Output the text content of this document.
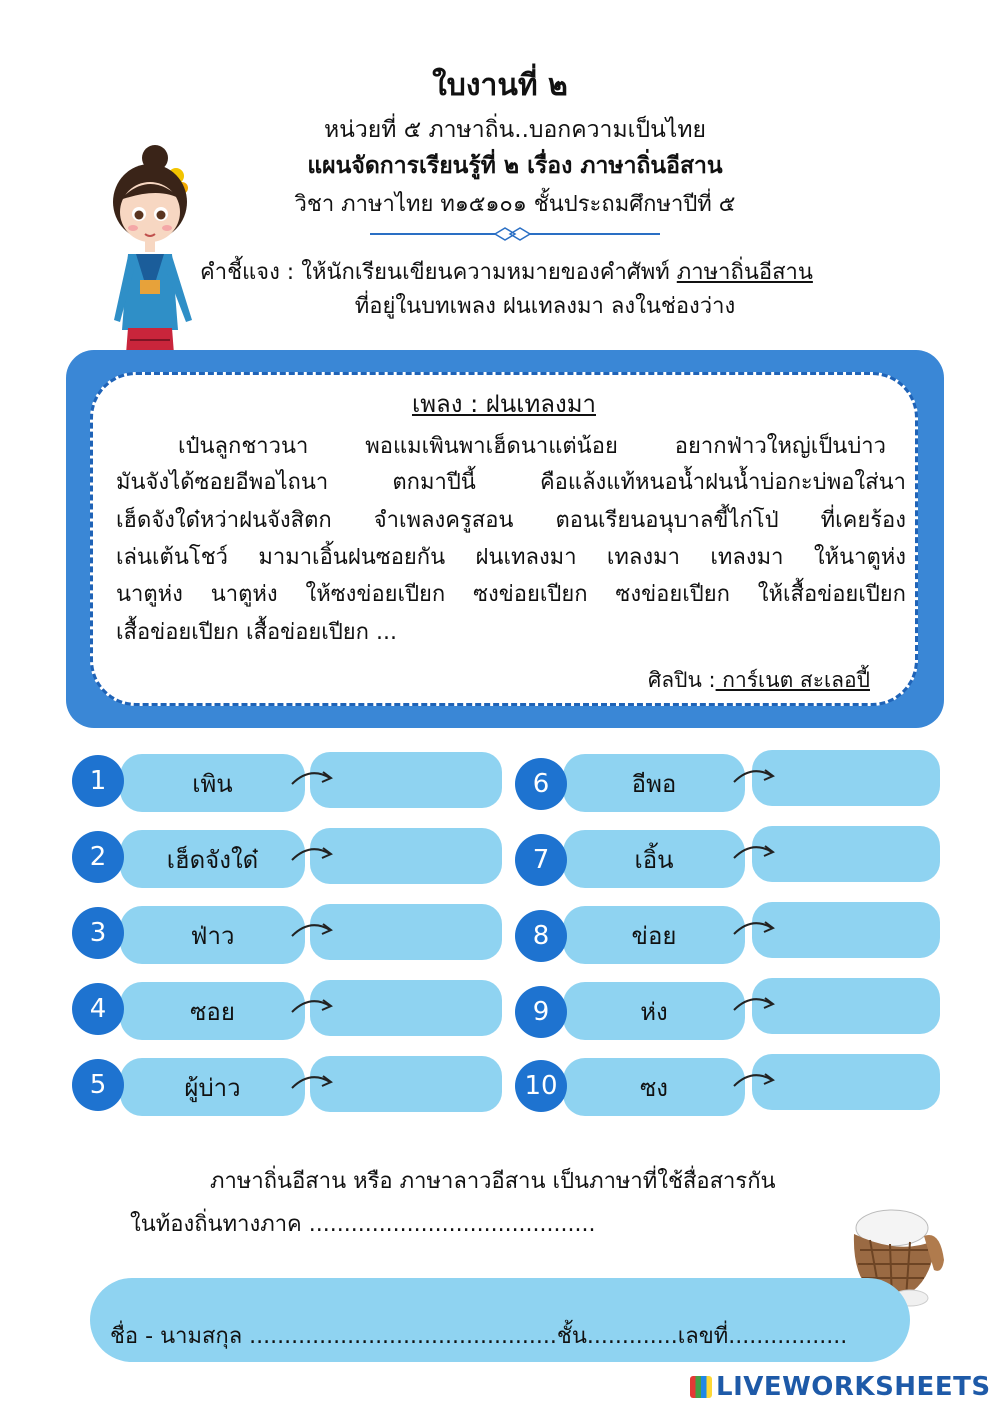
ใบงานที่ ๒
หน่วยที่ ๕ ภาษาถิ่น..บอกความเป็นไทย
แผนจัดการเรียนรู้ที่ ๒ เรื่อง ภาษาถิ่นอีสาน
วิชา ภาษาไทย ท๑๕๑๐๑ ชั้นประถมศึกษาปีที่ ๕
คำชี้แจง : ให้นักเรียนเขียนความหมายของคำศัพท์ ภาษาถิ่นอีสาน
ที่อยู่ในบทเพลง ฝนเทลงมา ลงในช่องว่าง
เพลง : ฝนเทลงมา
เป๋นลูกชาวนา พอแมเพินพาเฮ็ดนาแต่น้อย อยากฟ่าวใหญ่เป็นบ่าว
มันจังได้ซอยอีพอไถนา ตกมาปีนี้ คือแล้งแท้หนอน้ำฝนน้ำบ่อกะบ่พอใส่นา
เฮ็ดจังใด๋หว่าฝนจังสิตก จำเพลงครูสอน ตอนเรียนอนุบาลขี้ไก่โป่ ที่เคยร้อง
เล่นเต้นโชว์ มามาเอิ้นฝนซอยกัน ฝนเทลงมา เทลงมา เทลงมา ให้นาตูห่ง
นาตูห่ง นาตูห่ง ให้ซงข่อยเปียก ซงข่อยเปียก ซงข่อยเปียก ให้เสื้อข่อยเปียก
เสื้อข่อยเปียก เสื้อข่อยเปียก ...
ศิลปิน : การ์เนต สะเลอปี้
1	เพิน
2	เฮ็ดจังใด๋
3	ฟ่าว
4	ซอย
5	ผู้บ่าว
6	อีพอ
7	เอิ้น
8	ข่อย
9	ห่ง
10	ซง
ภาษาถิ่นอีสาน หรือ ภาษาลาวอีสาน เป็นภาษาที่ใช้สื่อสารกัน
ในท้องถิ่นทางภาค .........................................
ชื่อ - นามสกุล ............................................ชั้น.............เลขที่.................
LIVEWORKSHEETS
